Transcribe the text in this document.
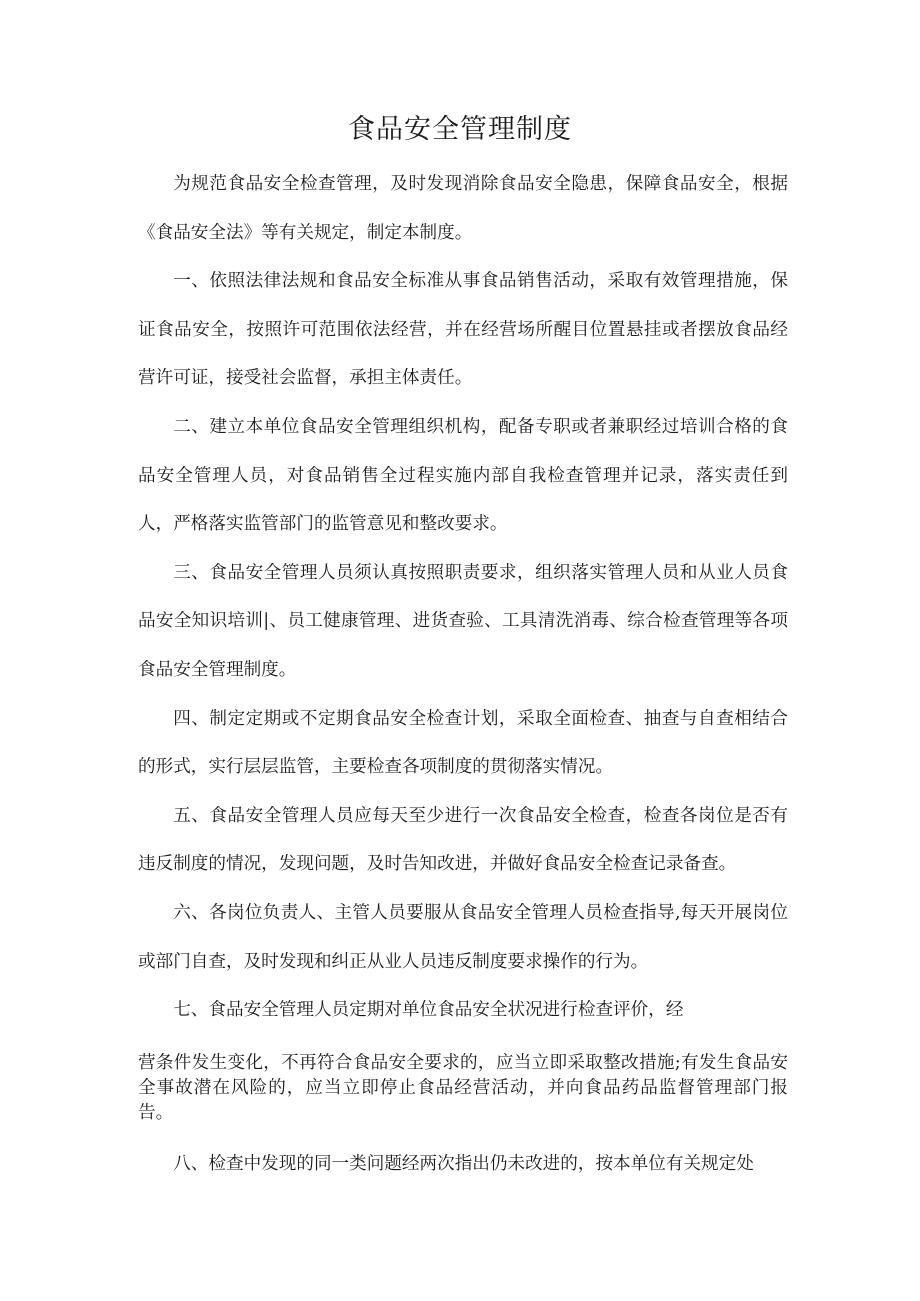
食品安全管理制度

为规范食品安全检查管理，及时发现消除食品安全隐患，保障食品安全，根据《食品安全法》等有关规定，制定本制度。

一、依照法律法规和食品安全标准从事食品销售活动，采取有效管理措施，保证食品安全，按照许可范围依法经营，并在经营场所醒目位置悬挂或者摆放食品经营许可证，接受社会监督，承担主体责任。

二、建立本单位食品安全管理组织机构，配备专职或者兼职经过培训合格的食品安全管理人员，对食品销售全过程实施内部自我检查管理并记录，落实责任到人，严格落实监管部门的监管意见和整改要求。

三、食品安全管理人员须认真按照职责要求，组织落实管理人员和从业人员食品安全知识培训|、员工健康管理、进货查验、工具清洗消毒、综合检查管理等各项食品安全管理制度。

四、制定定期或不定期食品安全检查计划，采取全面检查、抽查与自查相结合的形式，实行层层监管，主要检查各项制度的贯彻落实情况。

五、食品安全管理人员应每天至少进行一次食品安全检查，检查各岗位是否有违反制度的情况，发现问题，及时告知改进，并做好食品安全检查记录备查。

六、各岗位负责人、主管人员要服从食品安全管理人员检查指导,每天开展岗位或部门自查，及时发现和纠正从业人员违反制度要求操作的行为。

七、食品安全管理人员定期对单位食品安全状况进行检查评价，经

营条件发生变化，不再符合食品安全要求的，应当立即采取整改措施;有发生食品安全事故潜在风险的，应当立即停止食品经营活动，并向食品药品监督管理部门报告。

八、检查中发现的同一类问题经两次指出仍未改进的，按本单位有关规定处
